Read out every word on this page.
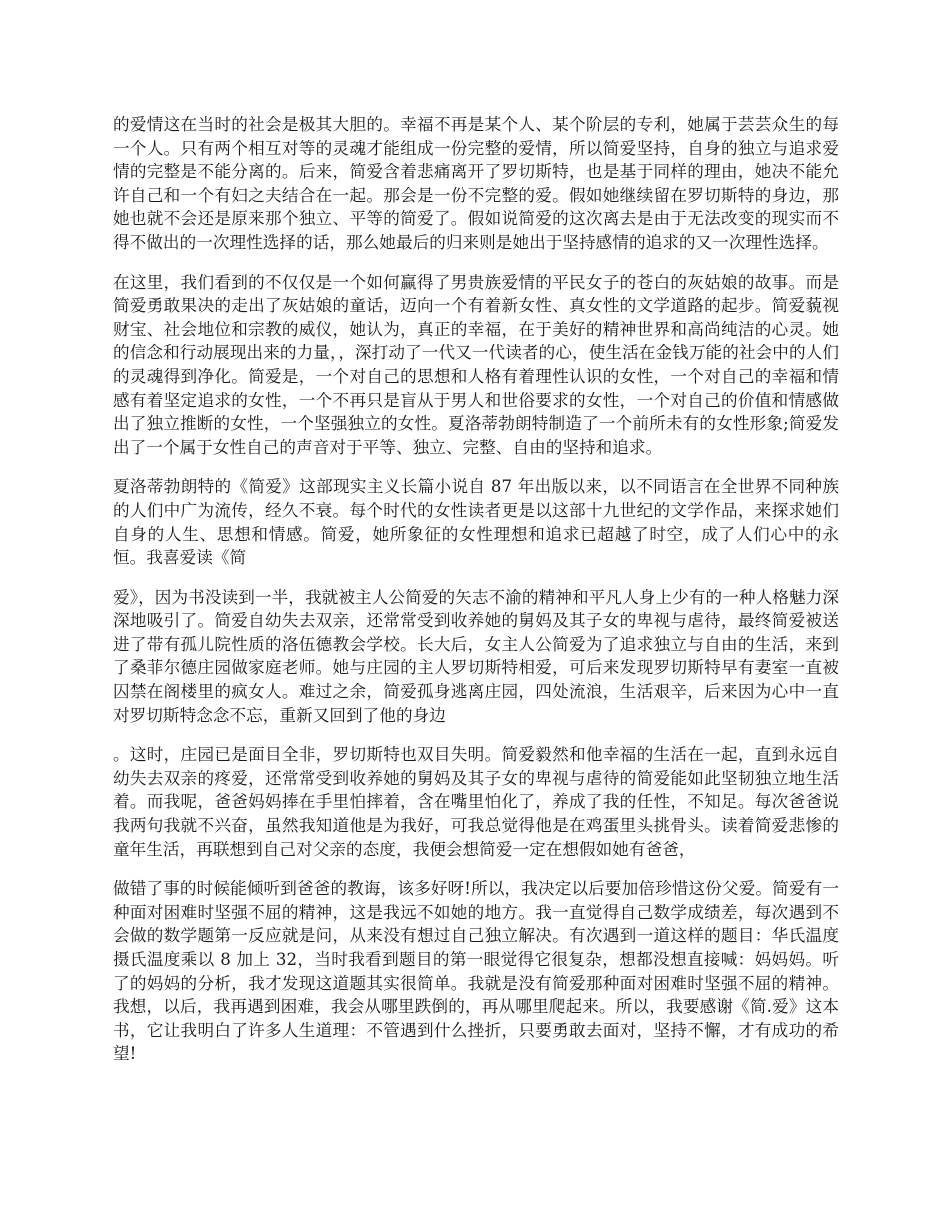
的爱情这在当时的社会是极其大胆的。幸福不再是某个人、某个阶层的专利，她属于芸芸众生的每一个人。只有两个相互对等的灵魂才能组成一份完整的爱情，所以简爱坚持，自身的独立与追求爱情的完整是不能分离的。后来，简爱含着悲痛离开了罗切斯特，也是基于同样的理由，她决不能允许自己和一个有妇之夫结合在一起。那会是一份不完整的爱。假如她继续留在罗切斯特的身边，那她也就不会还是原来那个独立、平等的简爱了。假如说简爱的这次离去是由于无法改变的现实而不得不做出的一次理性选择的话，那么她最后的归来则是她出于坚持感情的追求的又一次理性选择。

在这里，我们看到的不仅仅是一个如何赢得了男贵族爱情的平民女子的苍白的灰姑娘的故事。而是简爱勇敢果决的走出了灰姑娘的童话，迈向一个有着新女性、真女性的文学道路的起步。简爱藐视财宝、社会地位和宗教的威仪，她认为，真正的幸福，在于美好的精神世界和高尚纯洁的心灵。她的信念和行动展现出来的力量，，深打动了一代又一代读者的心，使生活在金钱万能的社会中的人们的灵魂得到净化。简爱是，一个对自己的思想和人格有着理性认识的女性，一个对自己的幸福和情感有着坚定追求的女性，一个不再只是盲从于男人和世俗要求的女性，一个对自己的价值和情感做出了独立推断的女性，一个坚强独立的女性。夏洛蒂勃朗特制造了一个前所未有的女性形象;简爱发出了一个属于女性自己的声音对于平等、独立、完整、自由的坚持和追求。

夏洛蒂勃朗特的《简爱》这部现实主义长篇小说自 87 年出版以来，以不同语言在全世界不同种族的人们中广为流传，经久不衰。每个时代的女性读者更是以这部十九世纪的文学作品，来探求她们自身的人生、思想和情感。简爱，她所象征的女性理想和追求已超越了时空，成了人们心中的永恒。我喜爱读《简

爱》，因为书没读到一半，我就被主人公简爱的矢志不渝的精神和平凡人身上少有的一种人格魅力深深地吸引了。简爱自幼失去双亲，还常常受到收养她的舅妈及其子女的卑视与虐待，最终简爱被送进了带有孤儿院性质的洛伍德教会学校。长大后，女主人公简爱为了追求独立与自由的生活，来到了桑菲尔德庄园做家庭老师。她与庄园的主人罗切斯特相爱，可后来发现罗切斯特早有妻室一直被囚禁在阁楼里的疯女人。难过之余，简爱孤身逃离庄园，四处流浪，生活艰辛，后来因为心中一直对罗切斯特念念不忘，重新又回到了他的身边

。这时，庄园已是面目全非，罗切斯特也双目失明。简爱毅然和他幸福的生活在一起，直到永远自幼失去双亲的疼爱，还常常受到收养她的舅妈及其子女的卑视与虐待的简爱能如此坚韧独立地生活着。而我呢，爸爸妈妈捧在手里怕摔着，含在嘴里怕化了，养成了我的任性，不知足。每次爸爸说我两句我就不兴奋，虽然我知道他是为我好，可我总觉得他是在鸡蛋里头挑骨头。读着简爱悲惨的童年生活，再联想到自己对父亲的态度，我便会想简爱一定在想假如她有爸爸，

做错了事的时候能倾听到爸爸的教诲，该多好呀!所以，我决定以后要加倍珍惜这份父爱。简爱有一种面对困难时坚强不屈的精神，这是我远不如她的地方。我一直觉得自己数学成绩差，每次遇到不会做的数学题第一反应就是问，从来没有想过自己独立解决。有次遇到一道这样的题目：华氏温度摄氏温度乘以 8 加上 32，当时我看到题目的第一眼觉得它很复杂，想都没想直接喊：妈妈妈。听了的妈妈的分析，我才发现这道题其实很简单。我就是没有简爱那种面对困难时坚强不屈的精神。我想，以后，我再遇到困难，我会从哪里跌倒的，再从哪里爬起来。所以，我要感谢《简.爱》这本书，它让我明白了许多人生道理：不管遇到什么挫折，只要勇敢去面对，坚持不懈，才有成功的希望!
